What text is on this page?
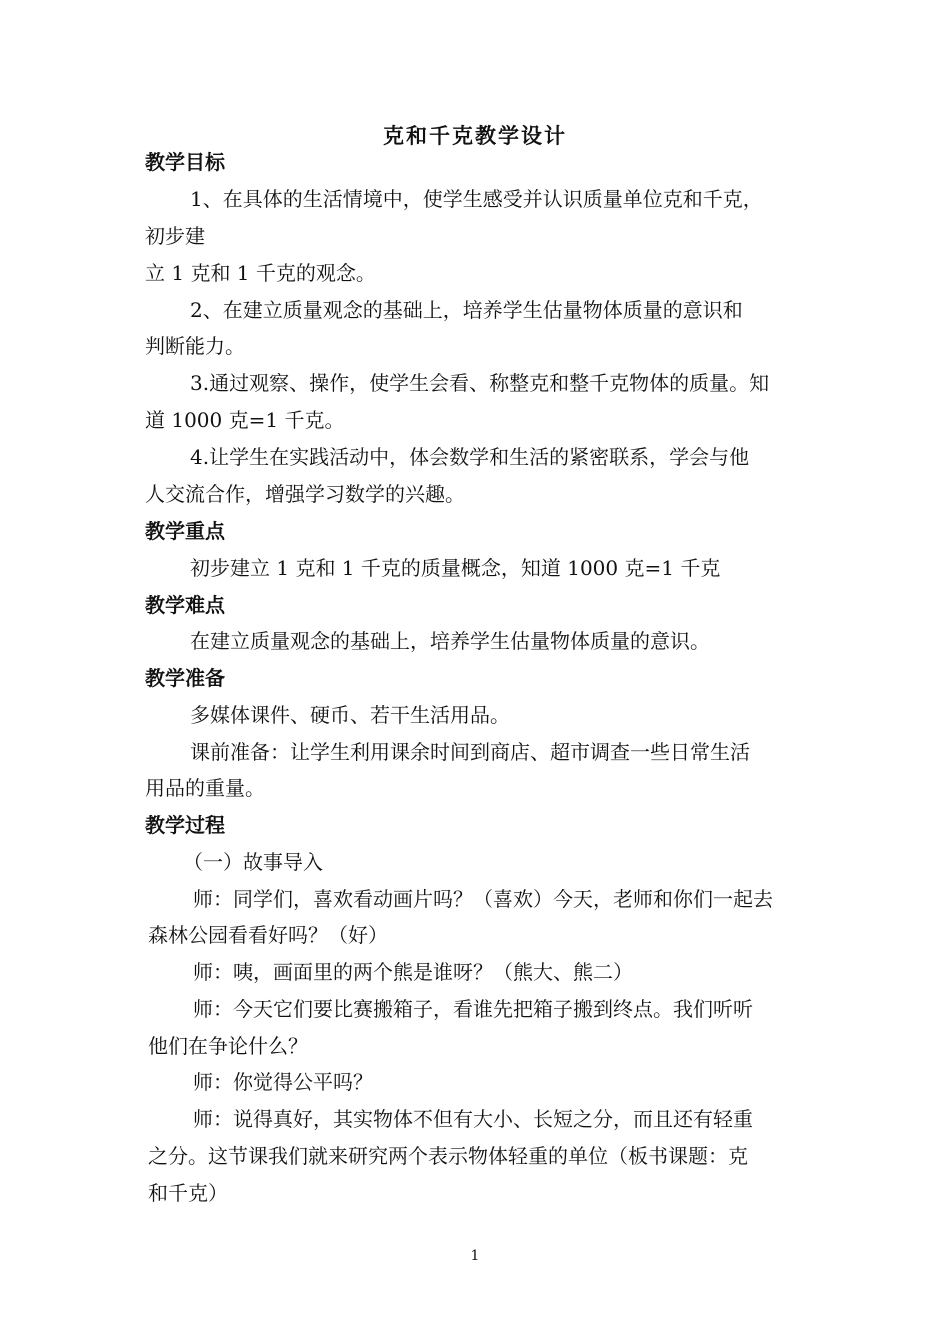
克和千克教学设计
教学目标
1、在具体的生活情境中，使学生感受并认识质量单位克和千克，
初步建
立 1 克和 1 千克的观念。
2、在建立质量观念的基础上，培养学生估量物体质量的意识和
判断能力。
3.通过观察、操作，使学生会看、称整克和整千克物体的质量。知
道 1000 克=1 千克。
4.让学生在实践活动中，体会数学和生活的紧密联系，学会与他
人交流合作，增强学习数学的兴趣。
教学重点
初步建立 1 克和 1 千克的质量概念，知道 1000 克=1 千克
教学难点
在建立质量观念的基础上，培养学生估量物体质量的意识。
教学准备
多媒体课件、硬币、若干生活用品。
课前准备：让学生利用课余时间到商店、超市调查一些日常生活
用品的重量。
教学过程
（一）故事导入
师：同学们，喜欢看动画片吗？（喜欢）今天，老师和你们一起去
森林公园看看好吗？（好）
师：咦，画面里的两个熊是谁呀？（熊大、熊二）
师：今天它们要比赛搬箱子，看谁先把箱子搬到终点。我们听听
他们在争论什么？
师：你觉得公平吗？
师：说得真好，其实物体不但有大小、长短之分，而且还有轻重
之分。这节课我们就来研究两个表示物体轻重的单位（板书课题：克
和千克）
1
